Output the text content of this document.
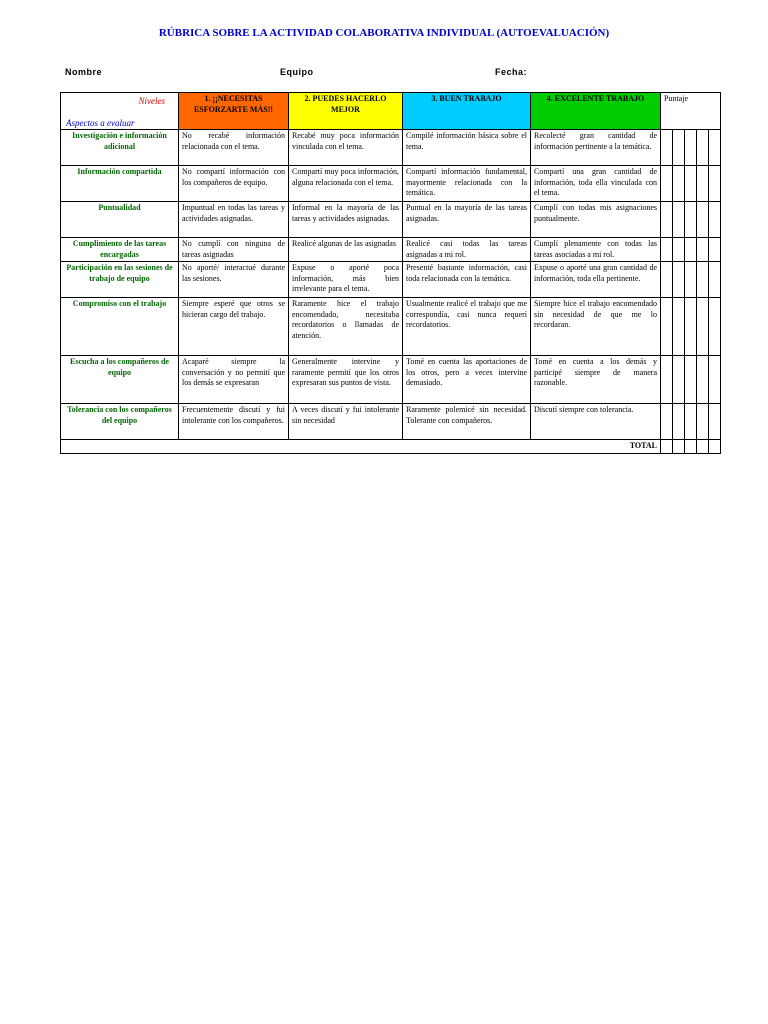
RÚBRICA SOBRE LA ACTIVIDAD COLABORATIVA INDIVIDUAL (AUTOEVALUACIÓN)
Nombre	Equipo	Fecha:
Niveles
Aspectos a evaluar	1. ¡¡NECESITAS ESFORZARTE MÁS!!	2. PUEDES HACERLO MEJOR	3. BUEN TRABAJO	4. EXCELENTE TRABAJO	Puntaje				
Investigación e información adicional	No recabé información relacionada con el tema.	Recabé muy poca información vinculada con el tema.	Compilé información básica sobre el tema.	Recolecté gran cantidad de información pertinente a la temática.					
Información compartida	No compartí información con los compañeros de equipo.	Compartí muy poca información, alguna relacionada con el tema.	Compartí información fundamental, mayormente relacionada con la temática.	Compartí una gran cantidad de información, toda ella vinculada con el tema.					
Puntualidad	Impuntual en todas las tareas y actividades asignadas.	Informal en la mayoría de las tareas y actividades asignadas.	Puntual en la mayoría de las tareas asignadas.	Cumplí con todas mis asignaciones puntualmente.					
Cumplimiento de las tareas encargadas	No cumplí con ninguna de tareas asignadas	Realicé algunas de las asignadas	Realicé casi todas las tareas asignadas a mi rol.	Cumplí plenamente con todas las tareas asociadas a mi rol.					
Participación en las sesiones de trabajo de equipo	No aporté/ interactué durante las sesiones.	Expuse o aporté poca información, más bien irrelevante para el tema.	Presenté bastante información, casi toda relacionada con la temática.	Expuse o aporté una gran cantidad de información, toda ella pertinente.					
Compromiso con el trabajo	Siempre esperé que otros se hicieran cargo del trabajo.	Raramente hice el trabajo encomendado, necesitaba recordatorios o llamadas de atención.	Usualmente realicé el trabajo que me correspondía, casi nunca requerí recordatorios.	Siempre hice el trabajo encomendado sin necesidad de que me lo recordaran.					
Escucha a los compañeros de equipo	Acaparé siempre la conversación y no permití que los demás se expresaran	Generalmente intervine y raramente permití que los otros expresaran sus puntos de vista.	Tomé en cuenta las aportaciones de los otros, pero a veces intervine demasiado.	Tomé en cuenta a los demás y participé siempre de manera razonable.					
Tolerancia con los compañeros del equipo	Frecuentemente discutí y fui intolerante con los compañeros.	A veces discutí y fui intolerante sin necesidad	Raramente polemicé sin necesidad. Tolerante con compañeros.	Discutí siempre con tolerancia.					
TOTAL									
